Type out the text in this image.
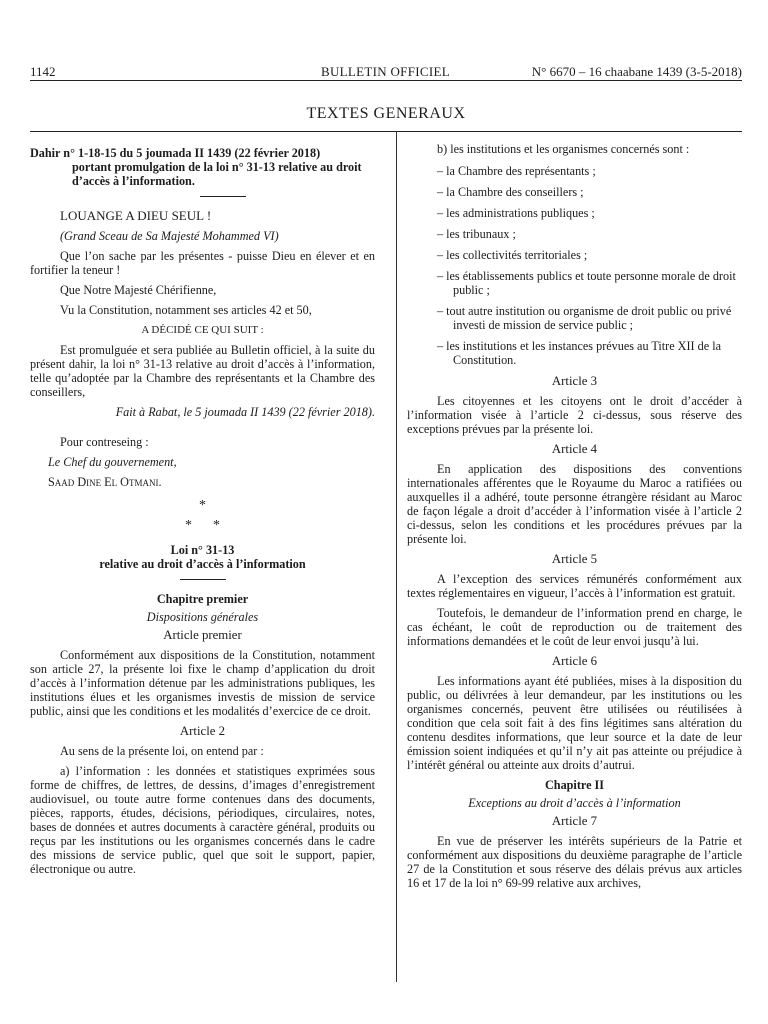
1142	BULLETIN OFFICIEL	N° 6670 – 16 chaabane 1439 (3-5-2018)
TEXTES GENERAUX

Dahir n° 1-18-15 du 5 joumada II 1439 (22 février 2018)
portant promulgation de la loi n° 31-13 relative au droit d’accès à l’information.

LOUANGE A DIEU SEUL !

(Grand Sceau de Sa Majesté Mohammed VI)

Que l’on sache par les présentes - puisse Dieu en élever et en fortifier la teneur !

Que Notre Majesté Chérifienne,

Vu la Constitution, notamment ses articles 42 et 50,

A DÉCIDÉ CE QUI SUIT :

Est promulguée et sera publiée au Bulletin officiel, à la suite du présent dahir, la loi n° 31-13 relative au droit d’accès à l’information, telle qu’adoptée par la Chambre des représentants et la Chambre des conseillers,

Fait à Rabat, le 5 joumada II 1439 (22 février 2018).

Pour contreseing :

Le Chef du gouvernement,

Saad Dine El Otmani.

*

*      *

Loi n° 31-13

relative au droit d’accès à l’information

Chapitre premier

Dispositions générales

Article premier

Conformément aux dispositions de la Constitution, notamment son article 27, la présente loi fixe le champ d’application du droit d’accès à l’information détenue par les administrations publiques, les institutions élues et les organismes investis de mission de service public, ainsi que les conditions et les modalités d’exercice de ce droit.

Article 2

Au sens de la présente loi, on entend par :

a) l’information : les données et statistiques exprimées sous forme de chiffres, de lettres, de dessins, d’images d’enregistrement audiovisuel, ou toute autre forme contenues dans des documents, pièces, rapports, études, décisions, périodiques, circulaires, notes, bases de données et autres documents à caractère général, produits ou reçus par les institutions ou les organismes concernés dans le cadre des missions de service public, quel que soit le support, papier, électronique ou autre.

b) les institutions et les organismes concernés sont :

– la Chambre des représentants ;

– la Chambre des conseillers ;

– les administrations publiques ;

– les tribunaux ;

– les collectivités territoriales ;

– les établissements publics et toute personne morale de droit public ;

– tout autre institution ou organisme de droit public ou privé investi de mission de service public ;

– les institutions et les instances prévues au Titre XII de la Constitution.

Article 3

Les citoyennes et les citoyens ont le droit d’accéder à l’information visée à l’article 2 ci-dessus, sous réserve des exceptions prévues par la présente loi.

Article 4

En application des dispositions des conventions internationales afférentes que le Royaume du Maroc a ratifiées ou auxquelles il a adhéré, toute personne étrangère résidant au Maroc de façon légale a droit d’accéder à l’information visée à l’article 2 ci-dessus, selon les conditions et les procédures prévues par la présente loi.

Article 5

A l’exception des services rémunérés conformément aux textes réglementaires en vigueur, l’accès à l’information est gratuit.

Toutefois, le demandeur de l’information prend en charge, le cas échéant, le coût de reproduction ou de traitement des informations demandées et le coût de leur envoi jusqu’à lui.

Article 6

Les informations ayant été publiées, mises à la disposition du public, ou délivrées à leur demandeur, par les institutions ou les organismes concernés, peuvent être utilisées ou réutilisées à condition que cela soit fait à des fins légitimes sans altération du contenu desdites informations, que leur source et la date de leur émission soient indiquées et qu’il n’y ait pas atteinte ou préjudice à l’intérêt général ou atteinte aux droits d’autrui.

Chapitre II

Exceptions au droit d’accès à l’information

Article 7

En vue de préserver les intérêts supérieurs de la Patrie et conformément aux dispositions du deuxième paragraphe de l’article 27 de la Constitution et sous réserve des délais prévus aux articles 16 et 17 de la loi n° 69-99 relative aux archives,
